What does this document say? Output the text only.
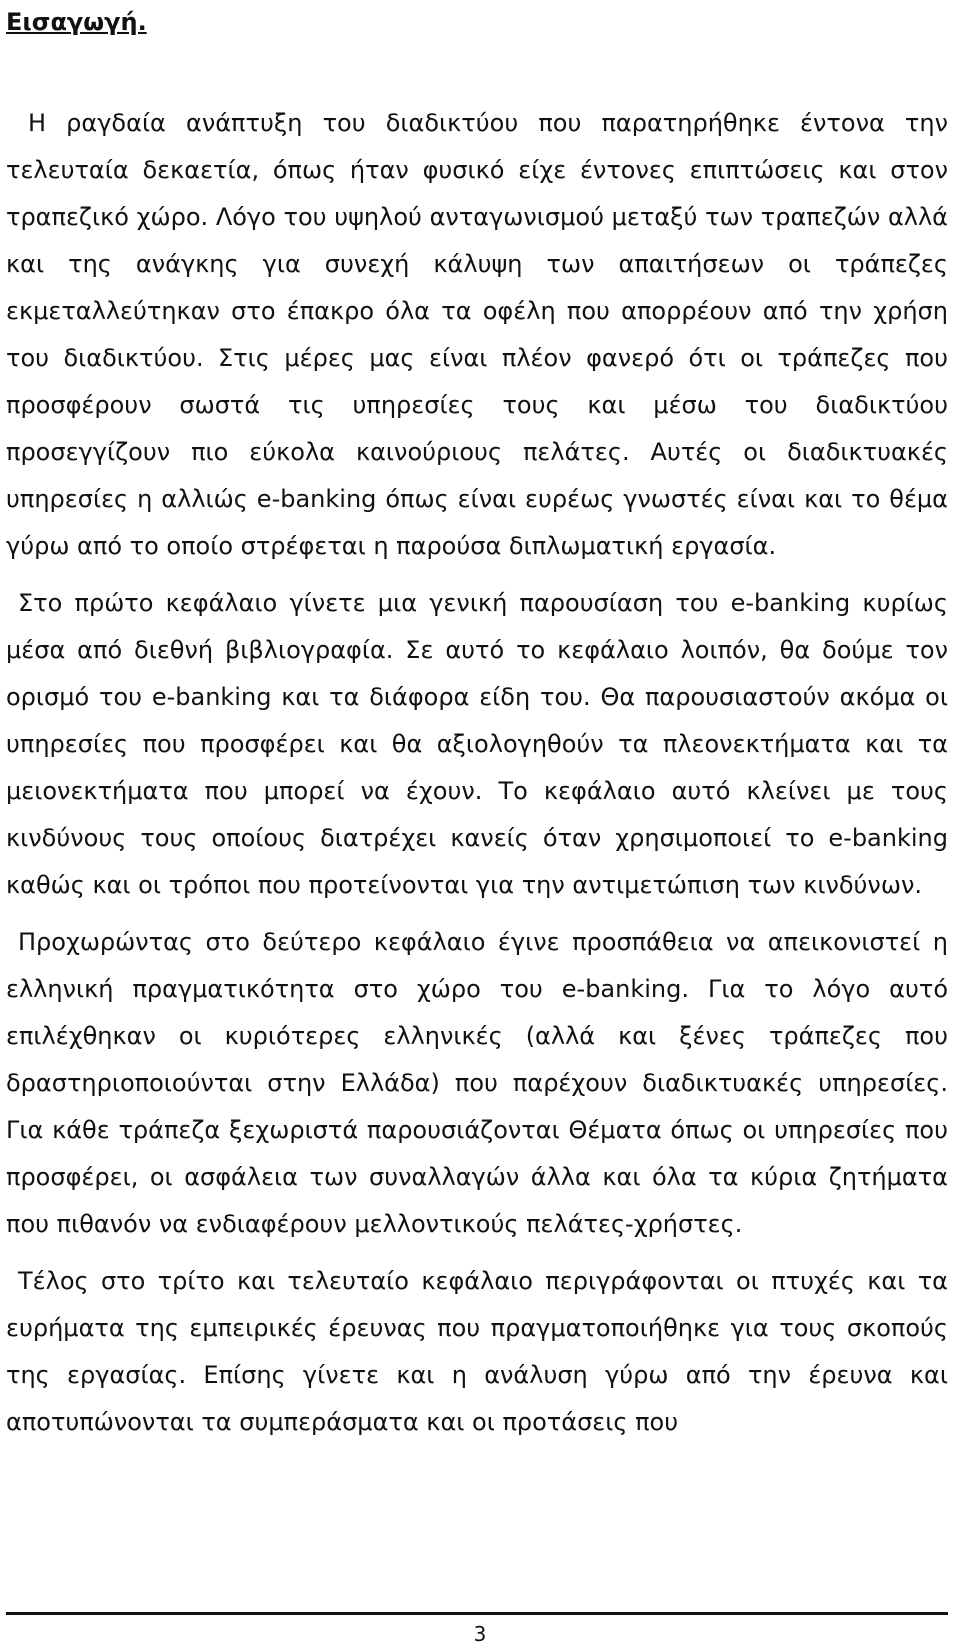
Εισαγωγή.

Η ραγδαία ανάπτυξη του διαδικτύου που παρατηρήθηκε έντονα την τελευταία δεκαετία, όπως ήταν φυσικό είχε έντονες επιπτώσεις και στον τραπεζικό χώρο. Λόγο του υψηλού ανταγωνισμού μεταξύ των τραπεζών αλλά και της ανάγκης για συνεχή κάλυψη των απαιτήσεων οι τράπεζες εκμεταλλεύτηκαν στο έπακρο όλα τα οφέλη που απορρέουν από την χρήση του διαδικτύου. Στις μέρες μας είναι πλέον φανερό ότι οι τράπεζες που προσφέρουν σωστά τις υπηρεσίες τους και μέσω του διαδικτύου προσεγγίζουν πιο εύκολα καινούριους πελάτες. Αυτές οι διαδικτυακές υπηρεσίες η αλλιώς e-banking όπως είναι ευρέως γνωστές είναι και το θέμα γύρω από το οποίο στρέφεται η παρούσα διπλωματική εργασία.

Στο πρώτο κεφάλαιο γίνετε μια γενική παρουσίαση του e-banking κυρίως μέσα από διεθνή βιβλιογραφία. Σε αυτό το κεφάλαιο λοιπόν, θα δούμε τον ορισμό του e-banking και τα διάφορα είδη του. Θα παρουσιαστούν ακόμα οι υπηρεσίες που προσφέρει και θα αξιολογηθούν τα πλεονεκτήματα και τα μειονεκτήματα που μπορεί να έχουν. Το κεφάλαιο αυτό κλείνει με τους κινδύνους τους οποίους διατρέχει κανείς όταν χρησιμοποιεί το e-banking καθώς και οι τρόποι που προτείνονται για την αντιμετώπιση των κινδύνων.

Προχωρώντας στο δεύτερο κεφάλαιο έγινε προσπάθεια να απεικονιστεί η ελληνική πραγματικότητα στο χώρο του e-banking. Για το λόγο αυτό επιλέχθηκαν οι κυριότερες ελληνικές (αλλά και ξένες τράπεζες που δραστηριοποιούνται στην Ελλάδα) που παρέχουν διαδικτυακές υπηρεσίες. Για κάθε τράπεζα ξεχωριστά παρουσιάζονται Θέματα όπως οι υπηρεσίες που προσφέρει, οι ασφάλεια των συναλλαγών άλλα και όλα τα κύρια ζητήματα που πιθανόν να ενδιαφέρουν μελλοντικούς πελάτες-χρήστες.

Τέλος στο τρίτο και τελευταίο κεφάλαιο περιγράφονται οι πτυχές και τα ευρήματα της εμπειρικές έρευνας που πραγματοποιήθηκε για τους σκοπούς της εργασίας. Επίσης γίνετε και η ανάλυση γύρω από την έρευνα και αποτυπώνονται τα συμπεράσματα και οι προτάσεις που

3
